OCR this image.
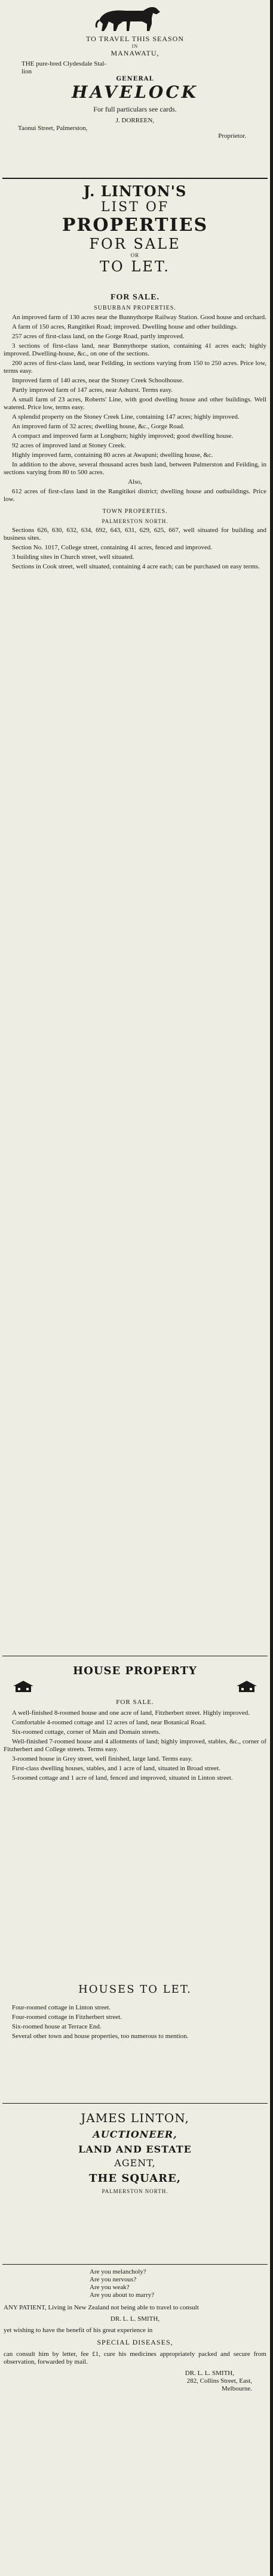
TO TRAVEL THIS SEASON
IN
MANAWATU,
THE pure-bred Clydesdale Stal-
lion
GENERAL
HAVELOCK
For full particulars see cards.
J. DORREEN,
Taonui Street, Palmerston,
Proprietor.
J. LINTON'S
LIST OF
PROPERTIES
FOR SALE
OR
TO LET.
FOR SALE.
SUBURBAN PROPERTIES.

An improved farm of 130 acres near the Bunnythorpe Railway Station. Good house and orchard.

A farm of 150 acres, Rangitikei Road; improved. Dwelling house and other buildings.

257 acres of first-class land, on the Gorge Road, partly improved.

3 sections of first-class land, near Bunnythorpe station, containing 41 acres each; highly improved. Dwelling-house, &c., on one of the sections.

200 acres of first-class land, near Feilding, in sections varying from 150 to 250 acres. Price low, terms easy.

Improved farm of 140 acres, near the Stoney Creek Schoolhouse.

Partly improved farm of 147 acres, near Ashurst. Terms easy.

A small farm of 23 acres, Roberts' Line, with good dwelling house and other buildings. Well watered. Price low, terms easy.

A splendid property on the Stoney Creek Line, containing 147 acres; highly improved.

An improved farm of 32 acres; dwelling house, &c., Gorge Road.

A compact and improved farm at Longburn; highly improved; good dwelling house.

92 acres of improved land at Stoney Creek.

Highly improved farm, containing 80 acres at Awapuni; dwelling house, &c.

In addition to the above, several thousand acres bush land, between Palmerston and Feilding, in sections varying from 80 to 500 acres.

Also,

612 acres of first-class land in the Rangitikei district; dwelling house and outbuildings. Price low.

TOWN PROPERTIES.
PALMERSTON NORTH.

Sections 626, 630, 632, 634, 692, 643, 631, 629, 625, 667, well situated for building and business sites.

Section No. 1017, College street, containing 41 acres, fenced and improved.

3 building sites in Church street, well situated.

Sections in Cook street, well situated, containing 4 acre each; can be purchased on easy terms.

HOUSE PROPERTY
FOR SALE.

A well-finished 8-roomed house and one acre of land, Fitzherbert street. Highly improved.

Comfortable 4-roomed cottage and 12 acres of land, near Botanical Road.

Six-roomed cottage, corner of Main and Domain streets.

Well-finished 7-roomed house and 4 allotments of land; highly improved, stables, &c., corner of Fitzherbert and College streets. Terms easy.

3-roomed house in Grey street, well finished, large land. Terms easy.

First-class dwelling houses, stables, and 1 acre of land, situated in Broad street.

5-roomed cottage and 1 acre of land, fenced and improved, situated in Linton street.

HOUSES TO LET.

Four-roomed cottage in Linton street.

Four-roomed cottage in Fitzherbert street.

Six-roomed house at Terrace End.

Several other town and house properties, too numerous to mention.

JAMES LINTON,
AUCTIONEER,
LAND AND ESTATE
AGENT,
THE SQUARE,
PALMERSTON NORTH.
Are you melancholy?
Are you nervous?
Are you weak?
Are you about to marry?

ANY PATIENT, Living in New Zealand not being able to travel to consult

DR. L. L. SMITH,

yet wishing to have the benefit of his great experience in

SPECIAL DISEASES,

can consult him by letter, fee £1, cure his medicines appropriately packed and secure from observation, forwarded by mail.

DR. L. L. SMITH,
282, Collins Street, East,
Melbourne.
